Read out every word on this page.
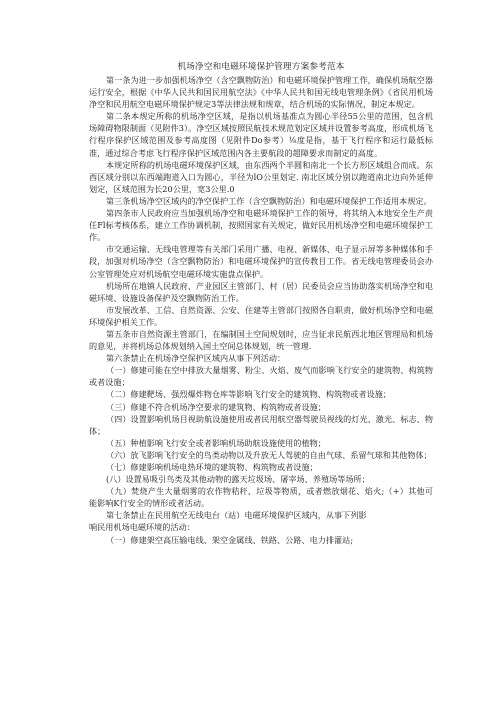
机场净空和电磁环境保护管理方案参考范本

第一条为进一步加强机场净空（含空飘物防治）和电磁环境保护管理工作，确保机场航空器运行安全，根据《中华人民共和国民用航空法》《中华人民共和国无线电管理条例》《省民用机场净空和民用航空电磁环境保护规定3等法律法规和规章，结合机场的实际情况，制定本规定。

第二条本规定所称的机场净空区域，是指以机场基准点为圆心半径55公里的范围，包含机场障碍物限制面（见附件3）。净空区域按照民航技术规范划定区域并设置参考高度，形成机场飞行程序保护区域范围及参考高度图（见附件Do参考）⅛度是指，基于飞行程序和运行最低标准，通过综合考虑飞行程序保护区域范围内各主要航段的超障要求而制定的高度。

本规定所称的机场电磁环境保护区域，由东西两个半圆和南北一个长方形区域组合而成。东西区域分别以东西端跑道入口为圆心，半径为lO公里划定. 南北区域分别以跑道南北边向外延伸划定，区域范围为长20公里，宽3公里.0

第三条机场净空区域内的净空保护工作（含空飘物防治）和电磁环境保护工作适用本规定。

第四条市人民政府应当加强机场净空和电磁环境保护工作的领导，将其纳入本地安全生产责任Fl标考核体系，建立工作协调机制，按照国家有关规定，做好民用机场净空和电磁环境保护工作。

市交通运输、无线电管理等有关部门采用广播、电视、新媒体、电子显示屏等多种媒体和手段，加强对机场净空（含空飘物防治）和电磁环境保护的宣传教目工作。省无线电管理委员会办公室管理处应对机场航空电磁环境实施盘点保护。

机场所在地镇人民政府、产业园区主管部门、村（居）民委员会应当协助落实机场净空和电磁环境、设施设备保护及空飘物防治工作。

市发展改革、工信、自然资源、公安、住建等主管部门按照各自职责，做好机场净空和电磁环境保护相关工作。

第五条市自然资源主管部门，在编制国土空间规划时，应当征求民航西北地区管理局和机场的意见，并将机场总体规划纳入国土空间总体规划，统一管理.

第六条禁止在机场净空保护区域内从事下列活动：

（一）修建可能在空中排放大量烟雾、粉尘、火焰、废气而影响飞行安全的建筑物、构筑物或者设施；

（二）修建靶场、强烈爆炸物仓库等影响飞行安全的建筑物、构筑物或者设施；

（三）修建不符合机场净空要求的建筑物、构筑物或者设施；

（四）设置影响机场目视助航设施使用或者民用航空器驾驶员视线的灯光、激光、标志、物体；

（五）种植影响飞行安全或者影响机场助航设施使用的植物；

（六）放飞影响飞行安全的鸟类动物以及升放无人驾驶的自由气球、系留气球和其他物体；

（七）修建影响机场电热环境的建筑物、构筑物或者设施；

(八）设置易吸引鸟类及其他动物的露天垃圾场、屠宰场、养殖场等场所；

（九）焚烧产生大量烟雾的农作物秸秆、垃圾等物质，或者燃放烟花、焰火;（+）其他可能影响K行安全的情形或者活动。

第七条禁止在民用航空无线电台（站）电磁环境保护区域内，从事下列影

响民用机场电磁环境的活动：

（一）修建架空高压输电线、架空金属线、铁路、公路、电力排灌站;
